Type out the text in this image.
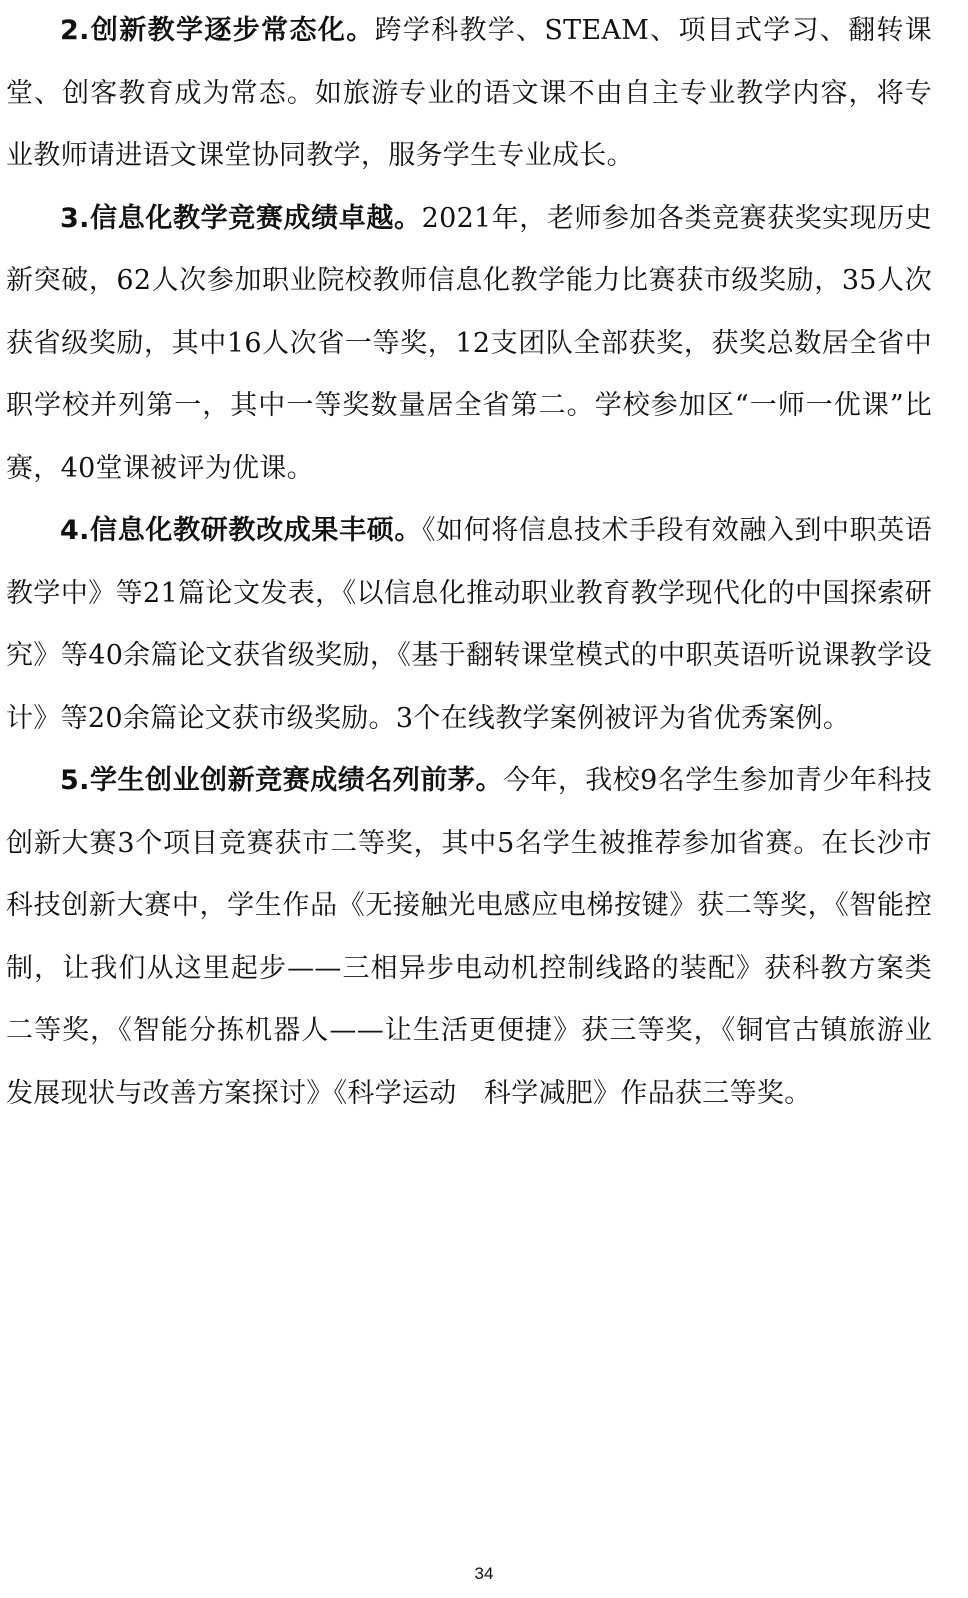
2.创新教学逐步常态化。跨学科教学、STEAM、项目式学习、翻转课堂、创客教育成为常态。如旅游专业的语文课不由自主专业教学内容，将专业教师请进语文课堂协同教学，服务学生专业成长。

3.信息化教学竞赛成绩卓越。2021年，老师参加各类竞赛获奖实现历史新突破，62人次参加职业院校教师信息化教学能力比赛获市级奖励，35人次获省级奖励，其中16人次省一等奖，12支团队全部获奖，获奖总数居全省中职学校并列第一，其中一等奖数量居全省第二。学校参加区“一师一优课”比赛，40堂课被评为优课。

4.信息化教研教改成果丰硕。《如何将信息技术手段有效融入到中职英语教学中》等21篇论文发表，《以信息化推动职业教育教学现代化的中国探索研究》等40余篇论文获省级奖励，《基于翻转课堂模式的中职英语听说课教学设计》等20余篇论文获市级奖励。3个在线教学案例被评为省优秀案例。

5.学生创业创新竞赛成绩名列前茅。今年，我校9名学生参加青少年科技创新大赛3个项目竞赛获市二等奖，其中5名学生被推荐参加省赛。在长沙市科技创新大赛中，学生作品《无接触光电感应电梯按键》获二等奖，《智能控制，让我们从这里起步——三相异步电动机控制线路的装配》获科教方案类二等奖，《智能分拣机器人——让生活更便捷》获三等奖，《铜官古镇旅游业发展现状与改善方案探讨》《科学运动　科学减肥》作品获三等奖。

34
